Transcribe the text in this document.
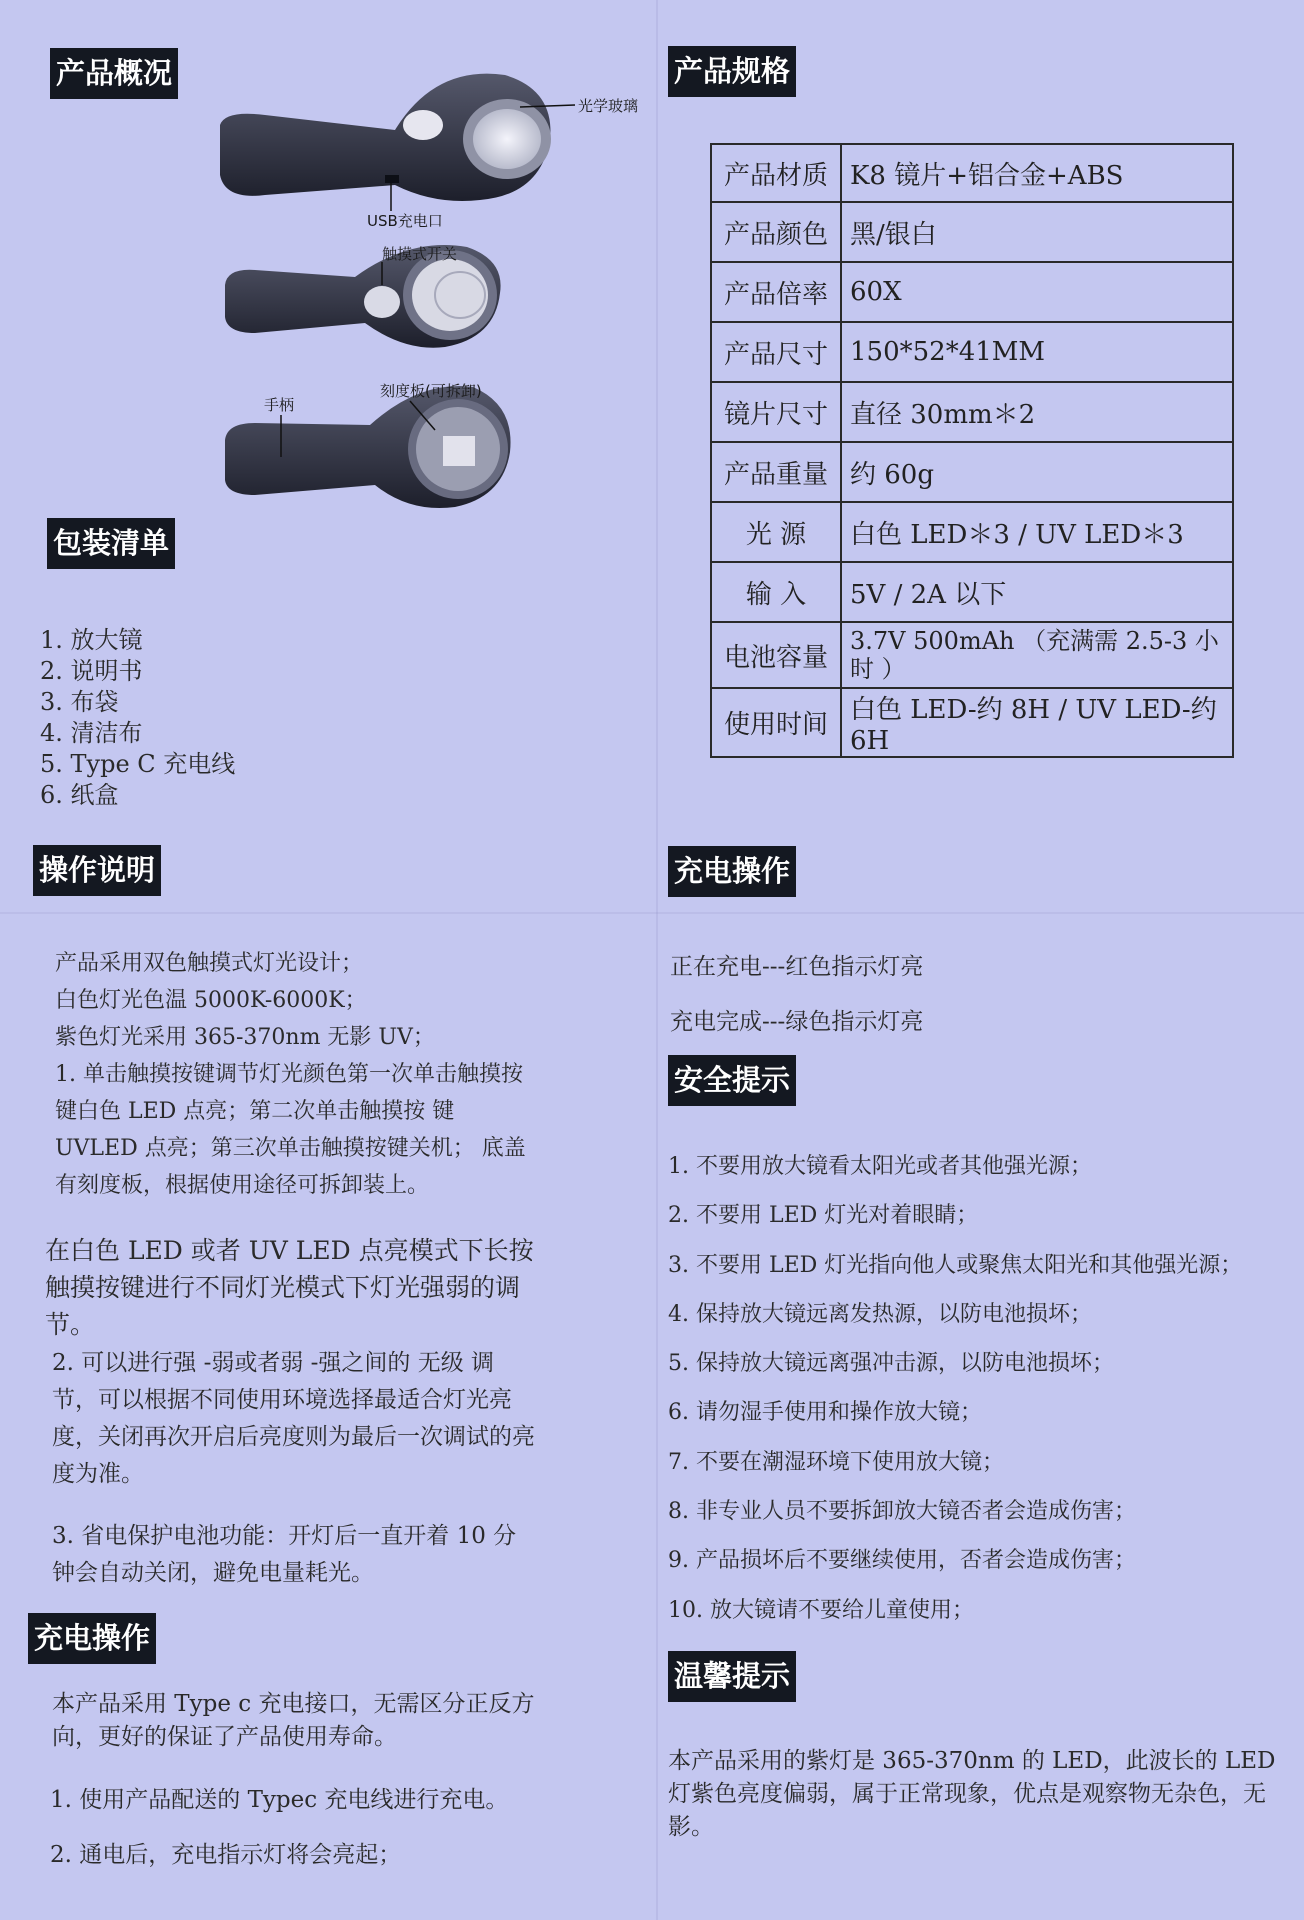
产品概况
光学玻璃
USB充电口
触摸式开关
手柄
刻度板(可拆卸)
产品规格
产品材质	K8 镜片+铝合金+ABS
产品颜色	黑/银白
产品倍率	60X
产品尺寸	150*52*41MM
镜片尺寸	直径 30mm＊2
产品重量	约 60g
光 源	白色 LED＊3 / UV LED＊3
输 入	5V / 2A 以下
电池容量	3.7V 500mAh （充满需 2.5-3 小时 ）
使用时间	白色 LED-约 8H / UV LED-约 6H
包装清单
1. 放大镜
2. 说明书
3. 布袋
4. 清洁布
5. Type C 充电线
6. 纸盒
操作说明
产品采用双色触摸式灯光设计；
白色灯光色温 5000K-6000K；
紫色灯光采用 365-370nm 无影 UV；
1. 单击触摸按键调节灯光颜色第一次单击触摸按键白色 LED 点亮；第二次单击触摸按 键 UVLED 点亮；第三次单击触摸按键关机； 底盖有刻度板，根据使用途径可拆卸装上。
在白色 LED 或者 UV LED 点亮模式下长按触摸按键进行不同灯光模式下灯光强弱的调节。
2. 可以进行强 -弱或者弱 -强之间的 无级 调节，可以根据不同使用环境选择最适合灯光亮度，关闭再次开启后亮度则为最后一次调试的亮度为准。
3. 省电保护电池功能：开灯后一直开着 10 分钟会自动关闭，避免电量耗光。
充电操作
本产品采用 Type c 充电接口，无需区分正反方向，更好的保证了产品使用寿命。
1. 使用产品配送的 Typec 充电线进行充电。
2. 通电后，充电指示灯将会亮起；
充电操作
正在充电---红色指示灯亮
充电完成---绿色指示灯亮
安全提示
1. 不要用放大镜看太阳光或者其他强光源；
2. 不要用 LED 灯光对着眼睛；
3. 不要用 LED 灯光指向他人或聚焦太阳光和其他强光源；
4. 保持放大镜远离发热源，以防电池损坏；
5. 保持放大镜远离强冲击源，以防电池损坏；
6. 请勿湿手使用和操作放大镜；
7. 不要在潮湿环境下使用放大镜；
8. 非专业人员不要拆卸放大镜否者会造成伤害；
9. 产品损坏后不要继续使用，否者会造成伤害；
10. 放大镜请不要给儿童使用；
温馨提示
本产品采用的紫灯是 365-370nm 的 LED，此波长的 LED 灯紫色亮度偏弱，属于正常现象，优点是观察物无杂色，无影。
